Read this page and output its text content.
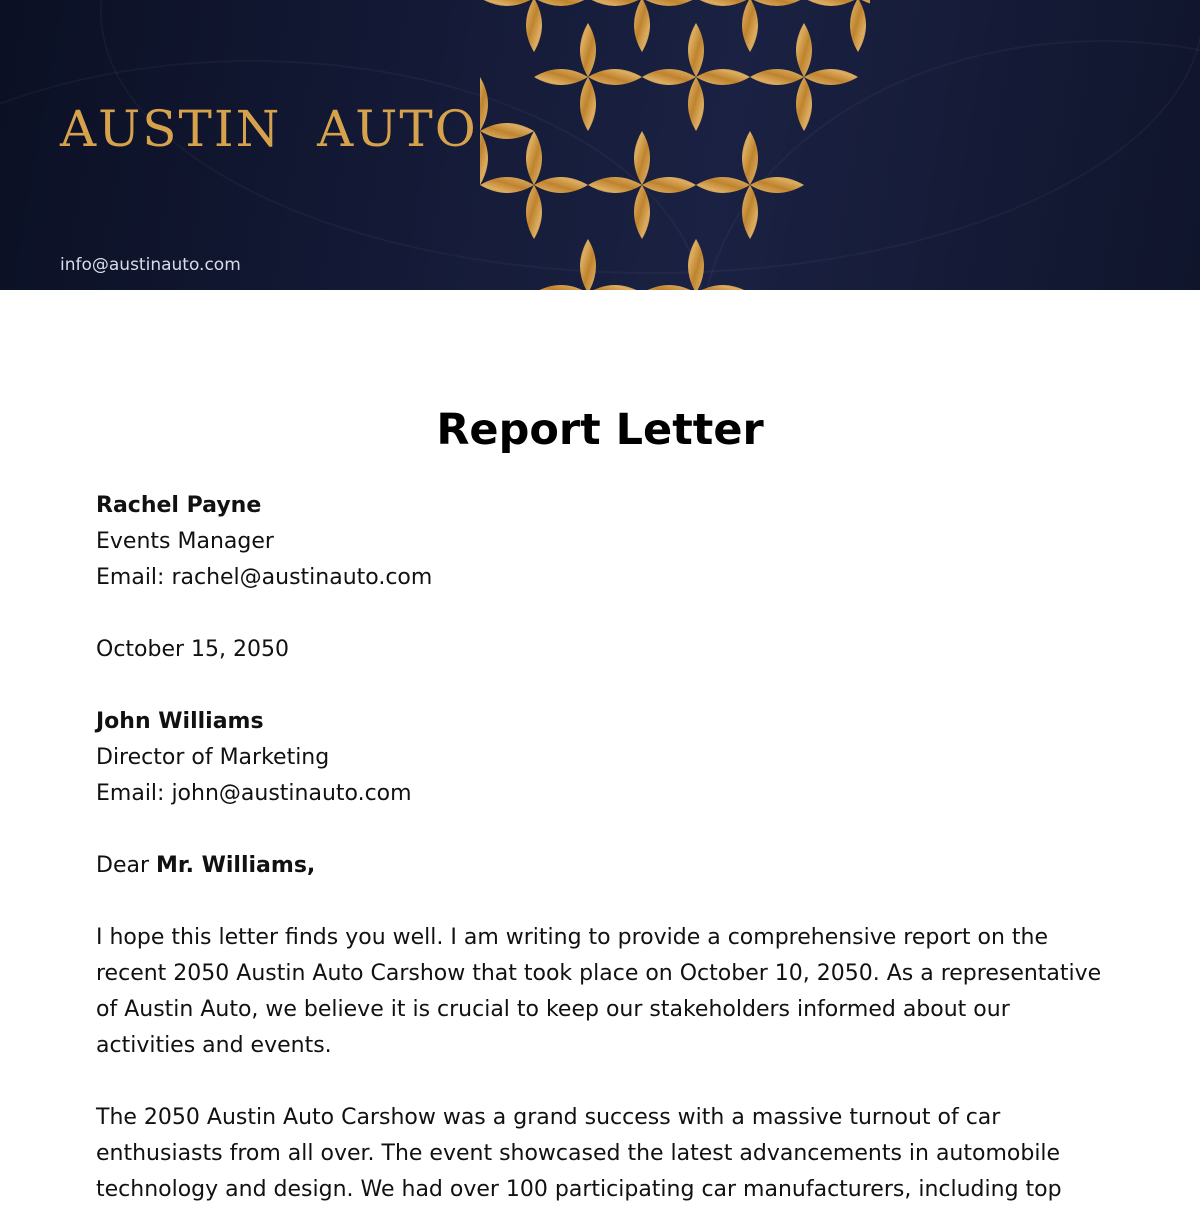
AUSTIN  AUTO
info@austinauto.com
Report Letter

Rachel Payne

Events Manager

Email: rachel@austinauto.com

October 15, 2050

John Williams

Director of Marketing

Email: john@austinauto.com

Dear Mr. Williams,

I hope this letter finds you well. I am writing to provide a comprehensive report on the recent 2050 Austin Auto Carshow that took place on October 10, 2050. As a representative of Austin Auto, we believe it is crucial to keep our stakeholders informed about our activities and events.

The 2050 Austin Auto Carshow was a grand success with a massive turnout of car enthusiasts from all over. The event showcased the latest advancements in automobile technology and design. We had over 100 participating car manufacturers, including top
